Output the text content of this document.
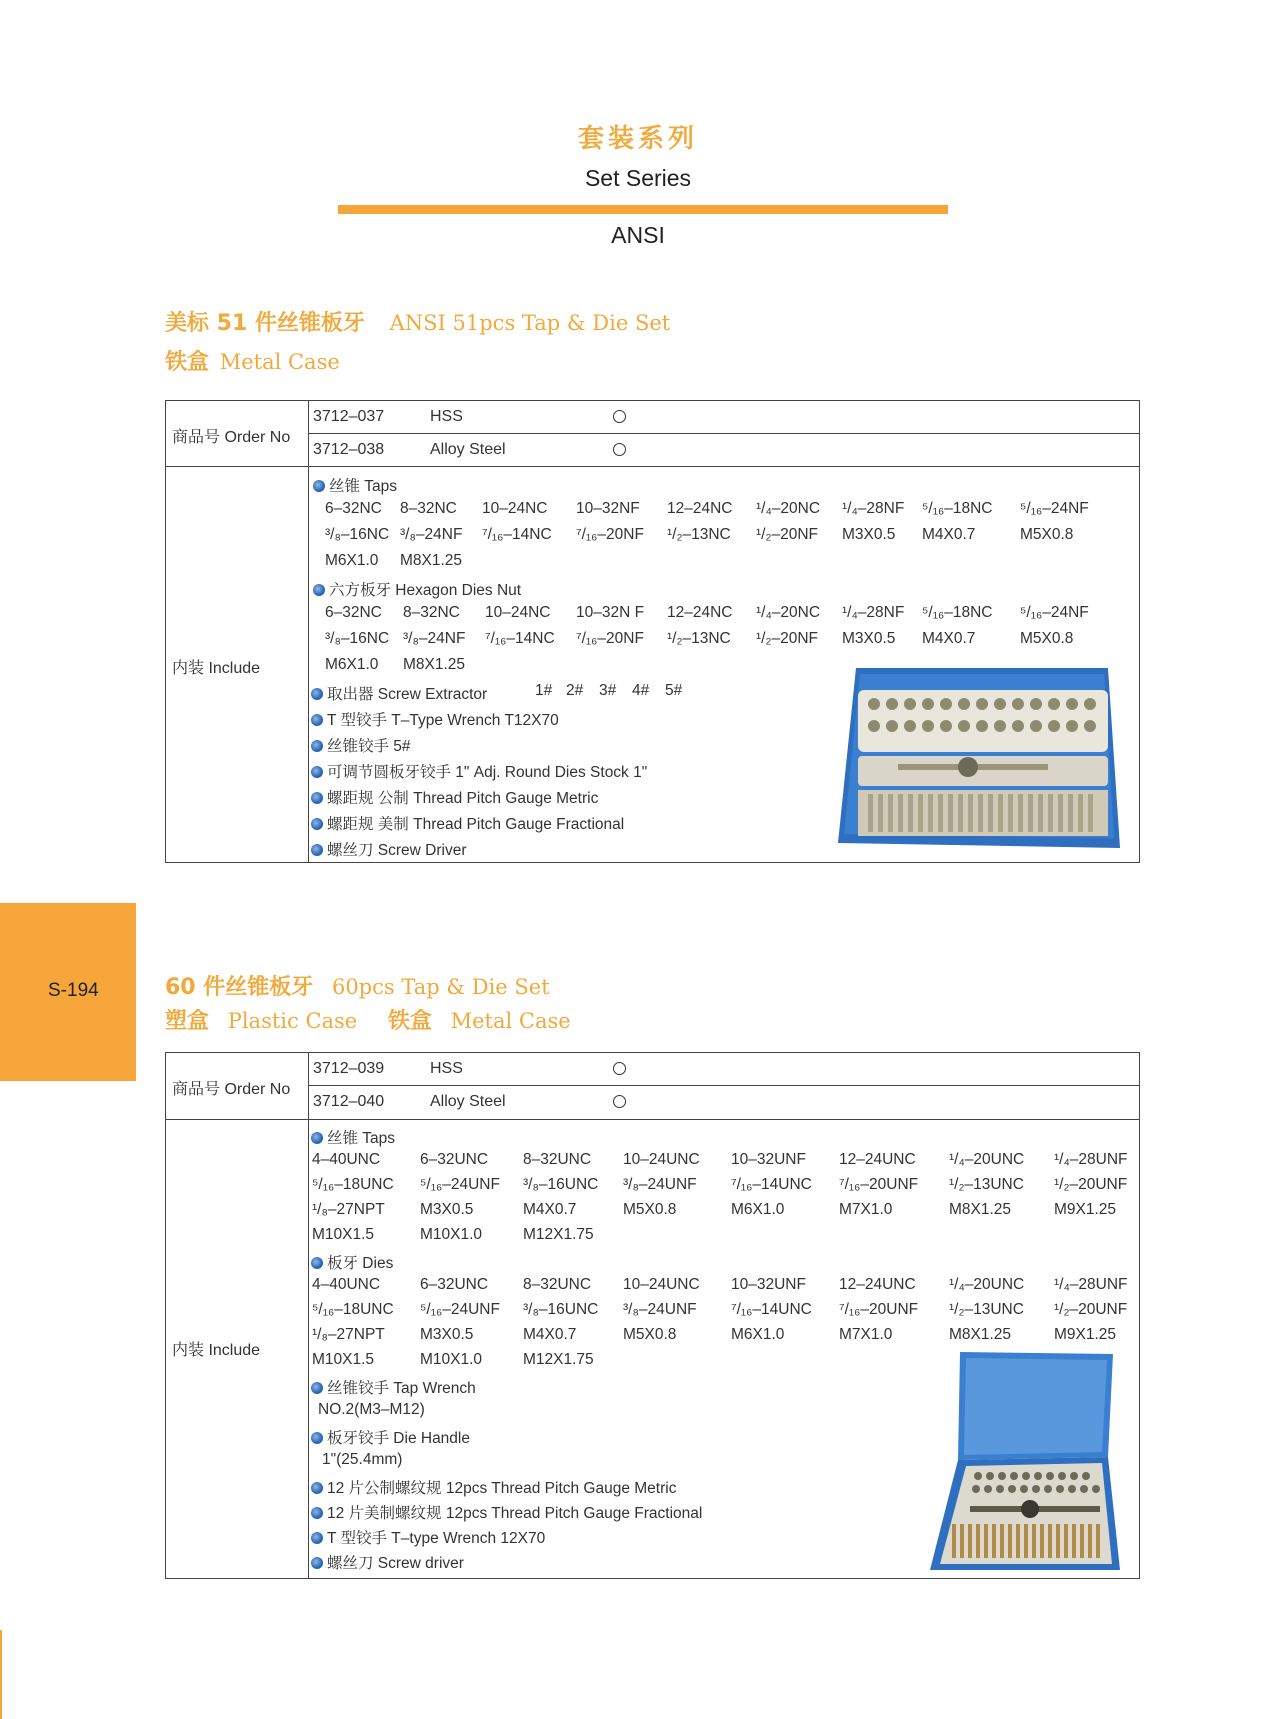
套装系列
Set Series
ANSI
美标 51 件丝锥板牙 ANSI 51pcs Tap & Die Set
铁盒 Metal Case
商品号 Order No
3712–037	HSS
3712–038	Alloy Steel
内装 Include
丝锥 Taps
6–32NC 8–32NC 10–24NC 10–32NF 12–24NC ¹/₄–20NC ¹/₄–28NF ⁵/₁₆–18NC ⁵/₁₆–24NF
³/₈–16NC ³/₈–24NF ⁷/₁₆–14NC ⁷/₁₆–20NF ¹/₂–13NC ¹/₂–20NF M3X0.5 M4X0.7	M5X0.8
M6X1.0 M8X1.25
六方板牙 Hexagon Dies Nut
6–32NC 8–32NC 10–24NC 10–32N F 12–24NC ¹/₄–20NC ¹/₄–28NF ⁵/₁₆–18NC ⁵/₁₆–24NF
³/₈–16NC ³/₈–24NF ⁷/₁₆–14NC ⁷/₁₆–20NF ¹/₂–13NC ¹/₂–20NF M3X0.5 M4X0.7	M5X0.8
M6X1.0 M8X1.25
取出器 Screw Extractor	1# 2# 3# 4# 5#
T 型铰手 T–Type Wrench T12X70
丝锥铰手 5#
可调节圆板牙铰手 1" Adj. Round Dies Stock 1"
螺距规 公制 Thread Pitch Gauge Metric
螺距规 美制 Thread Pitch Gauge Fractional
螺丝刀 Screw Driver
S-194	60 件丝锥板牙 60pcs Tap & Die Set
塑盒 Plastic Case 铁盒 Metal Case
商品号 Order No
3712–039	HSS
3712–040	Alloy Steel
内装 Include
丝锥 Taps
4–40UNC	6–32UNC 8–32UNC 10–24UNC 10–32UNF 12–24UNC ¹/₄–20UNC ¹/₄–28UNF
⁵/₁₆–18UNC ⁵/₁₆–24UNF ³/₈–16UNC ³/₈–24UNF ⁷/₁₆–14UNC ⁷/₁₆–20UNF ¹/₂–13UNC ¹/₂–20UNF
¹/₈–27NPT M3X0.5	M4X0.7	M5X0.8	M6X1.0	M7X1.0	M8X1.25	M9X1.25
M10X1.5	M10X1.0	M12X1.75
板牙 Dies
4–40UNC	6–32UNC 8–32UNC 10–24UNC 10–32UNF 12–24UNC ¹/₄–20UNC ¹/₄–28UNF
⁵/₁₆–18UNC ⁵/₁₆–24UNF ³/₈–16UNC ³/₈–24UNF ⁷/₁₆–14UNC ⁷/₁₆–20UNF ¹/₂–13UNC ¹/₂–20UNF
¹/₈–27NPT M3X0.5	M4X0.7	M5X0.8	M6X1.0	M7X1.0	M8X1.25	M9X1.25
M10X1.5	M10X1.0	M12X1.75
丝锥铰手 Tap Wrench
NO.2(M3–M12)
板牙铰手 Die Handle
1"(25.4mm)
12 片公制螺纹规 12pcs Thread Pitch Gauge Metric
12 片美制螺纹规 12pcs Thread Pitch Gauge Fractional
T 型铰手 T–type Wrench 12X70
螺丝刀 Screw driver
